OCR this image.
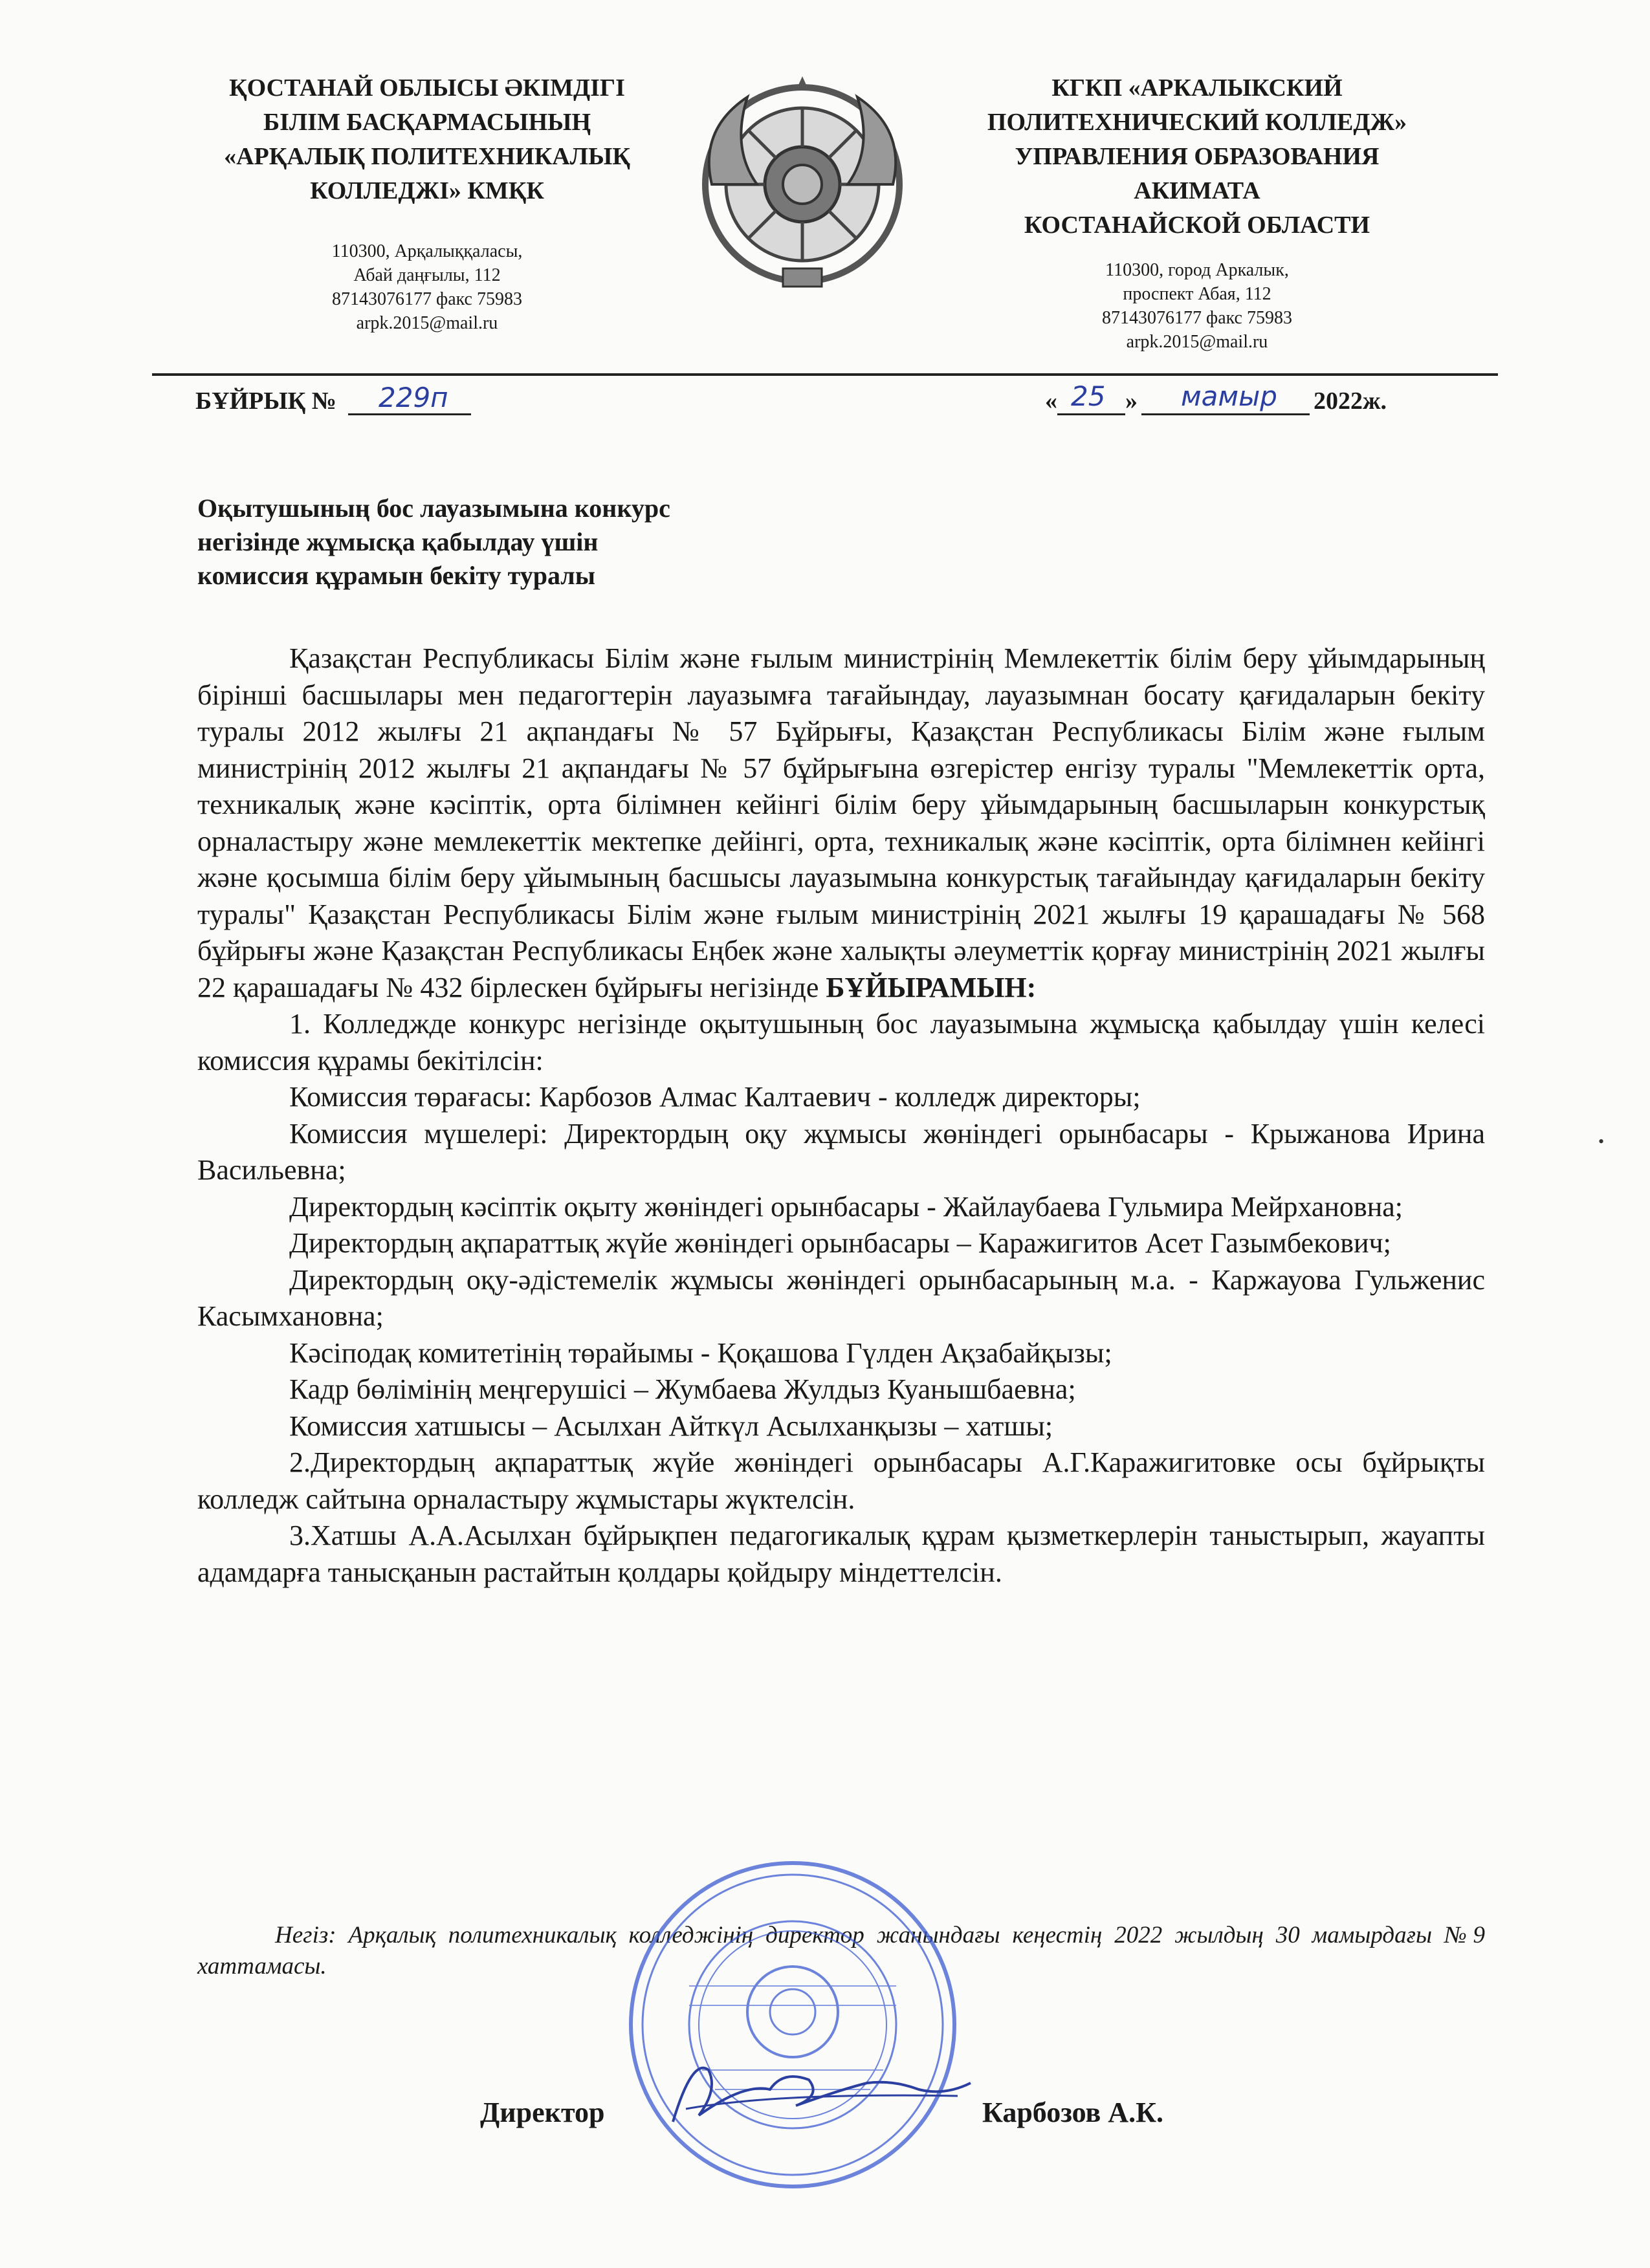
ҚОСТАНАЙ ОБЛЫСЫ ӘКІМДІГІ
БІЛІМ БАСҚАРМАСЫНЫҢ
«АРҚАЛЫҚ ПОЛИТЕХНИКАЛЫҚ
КОЛЛЕДЖІ» КМҚК
110300, Арқалыққаласы,
Абай даңғылы, 112
87143076177 факс 75983
arpk.2015@mail.ru
КГКП «АРКАЛЫКСКИЙ
ПОЛИТЕХНИЧЕСКИЙ КОЛЛЕДЖ»
УПРАВЛЕНИЯ ОБРАЗОВАНИЯ
АКИМАТА
КОСТАНАЙСКОЙ ОБЛАСТИ
110300, город Аркалык,
проспект Абая, 112
87143076177 факс 75983
arpk.2015@mail.ru
БҰЙРЫҚ №	229п	«	»	2022ж.
25	мамыр
Оқытушының бос лауазымына конкурс
негізінде жұмысқа қабылдау үшін
комиссия құрамын бекіту туралы

Қазақстан Республикасы Білім және ғылым министрінің Мемлекеттік білім беру ұйымдарының бірінші басшылары мен педагогтерін лауазымға тағайындау, лауазымнан босату қағидаларын бекіту туралы 2012 жылғы 21 ақпандағы № 57 Бұйрығы, Қазақстан Республикасы Білім және ғылым министрінің 2012 жылғы 21 ақпандағы № 57 бұйрығына өзгерістер енгізу туралы "Мемлекеттік орта, техникалық және кәсіптік, орта білімнен кейінгі білім беру ұйымдарының басшыларын конкурстық орналастыру және мемлекеттік мектепке дейінгі, орта, техникалық және кәсіптік, орта білімнен кейінгі және қосымша білім беру ұйымының басшысы лауазымына конкурстық тағайындау қағидаларын бекіту туралы" Қазақстан Республикасы Білім және ғылым министрінің 2021 жылғы 19 қарашадағы № 568 бұйрығы және Қазақстан Республикасы Еңбек және халықты әлеуметтік қорғау министрінің 2021 жылғы 22 қарашадағы № 432 бірлескен бұйрығы негізінде БҰЙЫРАМЫН:

1. Колледжде конкурс негізінде оқытушының бос лауазымына жұмысқа қабылдау үшін келесі комиссия құрамы бекітілсін:
Комиссия төрағасы: Карбозов Алмас Калтаевич - колледж директоры;
Комиссия мүшелері: Директордың оқу жұмысы жөніндегі орынбасары - Крыжанова Ирина Васильевна;
Директордың кәсіптік оқыту жөніндегі орынбасары - Жайлаубаева Гульмира Мейрхановна;
Директордың ақпараттық жүйе жөніндегі орынбасары – Каражигитов Асет Газымбекович;
Директордың оқу-әдістемелік жұмысы жөніндегі орынбасарының м.а. - Каржауова Гульженис Касымхановна;
Кәсіподақ комитетінің төрайымы - Қоқашова Гүлден Ақзабайқызы;
Кадр бөлімінің меңгерушісі – Жумбаева Жулдыз Куанышбаевна;
Комиссия хатшысы – Асылхан Айткүл Асылханқызы – хатшы;
2.Директордың ақпараттық жүйе жөніндегі орынбасары А.Г.Каражигитовке осы бұйрықты колледж сайтына орналастыру жұмыстары жүктелсін.
3.Хатшы А.А.Асылхан бұйрықпен педагогикалық құрам қызметкерлерін таныстырып, жауапты адамдарға танысқанын растайтын қолдары қойдыру міндеттелсін.
Негіз: Арқалық политехникалық колледжінің директор жанындағы кеңестің 2022 жылдың 30 мамырдағы №9 хаттамасы.
Директор	Карбозов А.К.
•
